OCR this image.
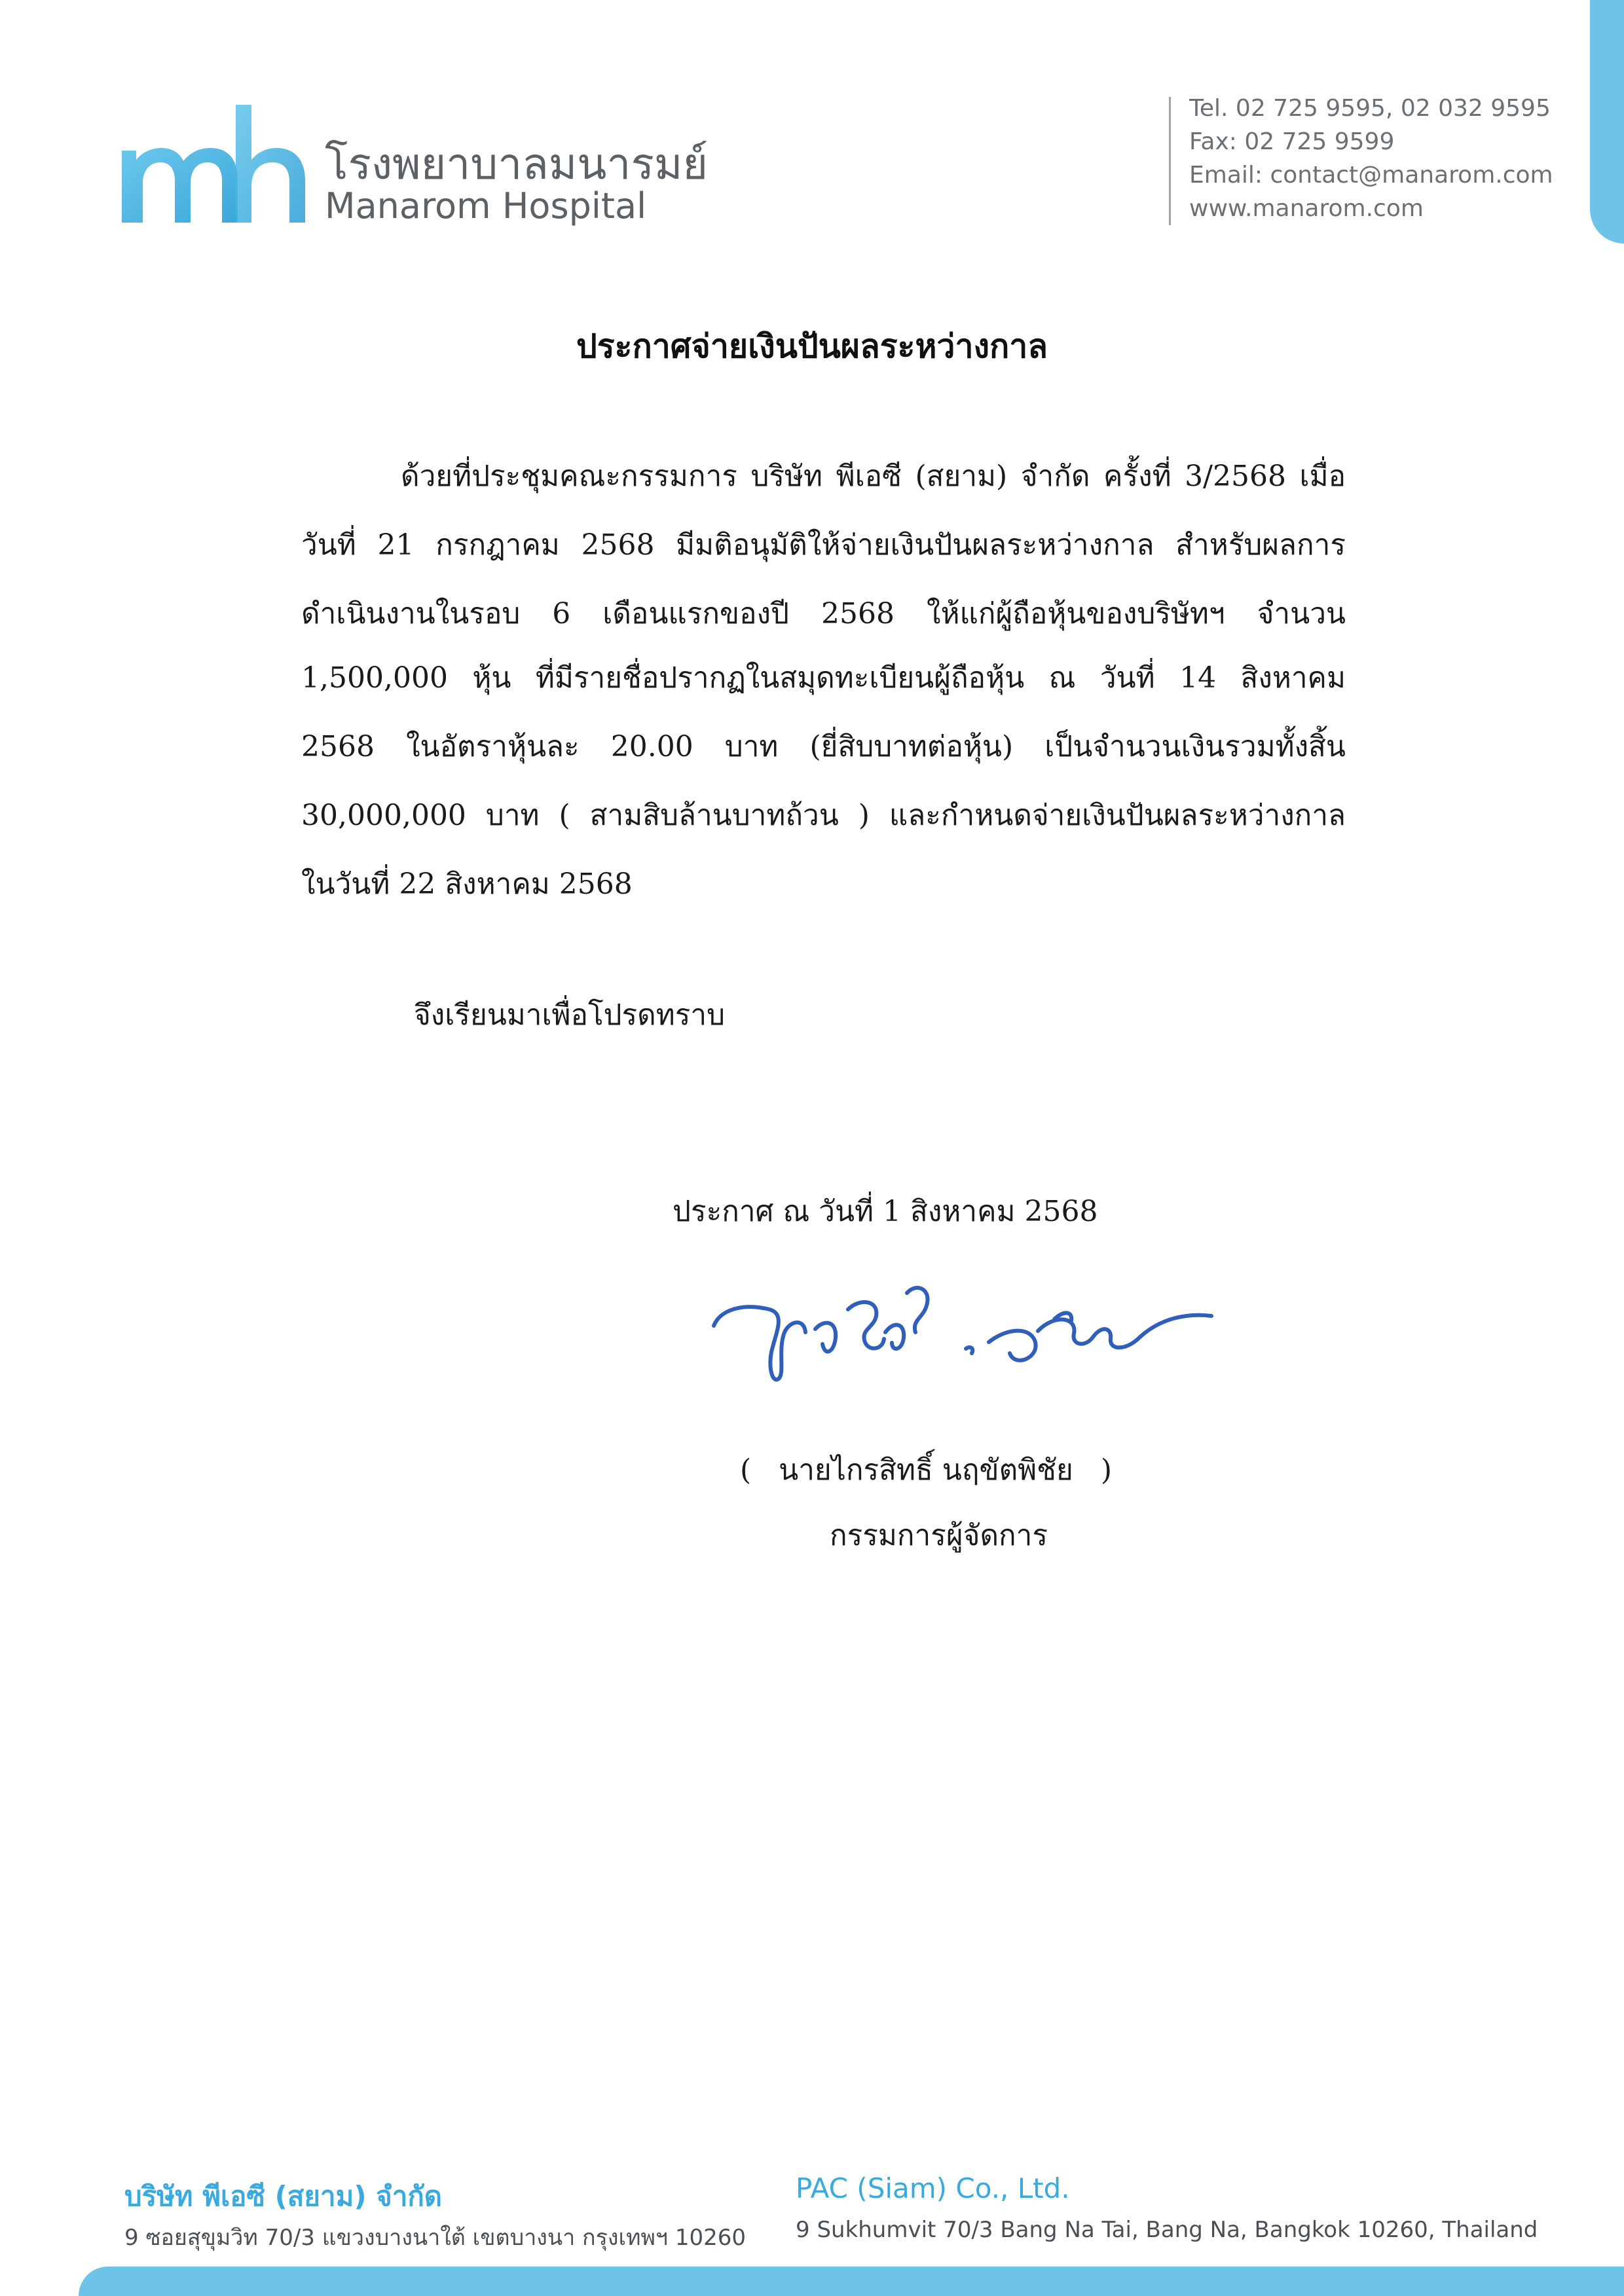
โรงพยาบาลมนารมย์
Manarom Hospital
Tel. 02 725 9595, 02 032 9595
Fax: 02 725 9599
Email: contact@manarom.com
www.manarom.com
ประกาศจ่ายเงินปันผลระหว่างกาล
ด้วยที่ประชุมคณะกรรมการ บริษัท พีเอซี (สยาม) จำกัด ครั้งที่ 3/2568 เมื่อ
วันที่ 21 กรกฎาคม 2568 มีมติอนุมัติให้จ่ายเงินปันผลระหว่างกาล สำหรับผลการ
ดำเนินงานในรอบ 6 เดือนแรกของปี 2568 ให้แก่ผู้ถือหุ้นของบริษัทฯ จำนวน
1,500,000 หุ้น ที่มีรายชื่อปรากฏในสมุดทะเบียนผู้ถือหุ้น ณ วันที่ 14 สิงหาคม
2568 ในอัตราหุ้นละ 20.00 บาท (ยี่สิบบาทต่อหุ้น) เป็นจำนวนเงินรวมทั้งสิ้น
30,000,000 บาท ( สามสิบล้านบาทถ้วน ) และกำหนดจ่ายเงินปันผลระหว่างกาล
ในวันที่ 22 สิงหาคม 2568
จึงเรียนมาเพื่อโปรดทราบ
ประกาศ ณ วันที่ 1 สิงหาคม 2568
( นายไกรสิทธิ์ นฤขัตพิชัย )
กรรมการผู้จัดการ
บริษัท พีเอซี (สยาม) จำกัด
9 ซอยสุขุมวิท 70/3 แขวงบางนาใต้ เขตบางนา กรุงเทพฯ 10260
PAC (Siam) Co., Ltd.
9 Sukhumvit 70/3 Bang Na Tai, Bang Na, Bangkok 10260, Thailand
